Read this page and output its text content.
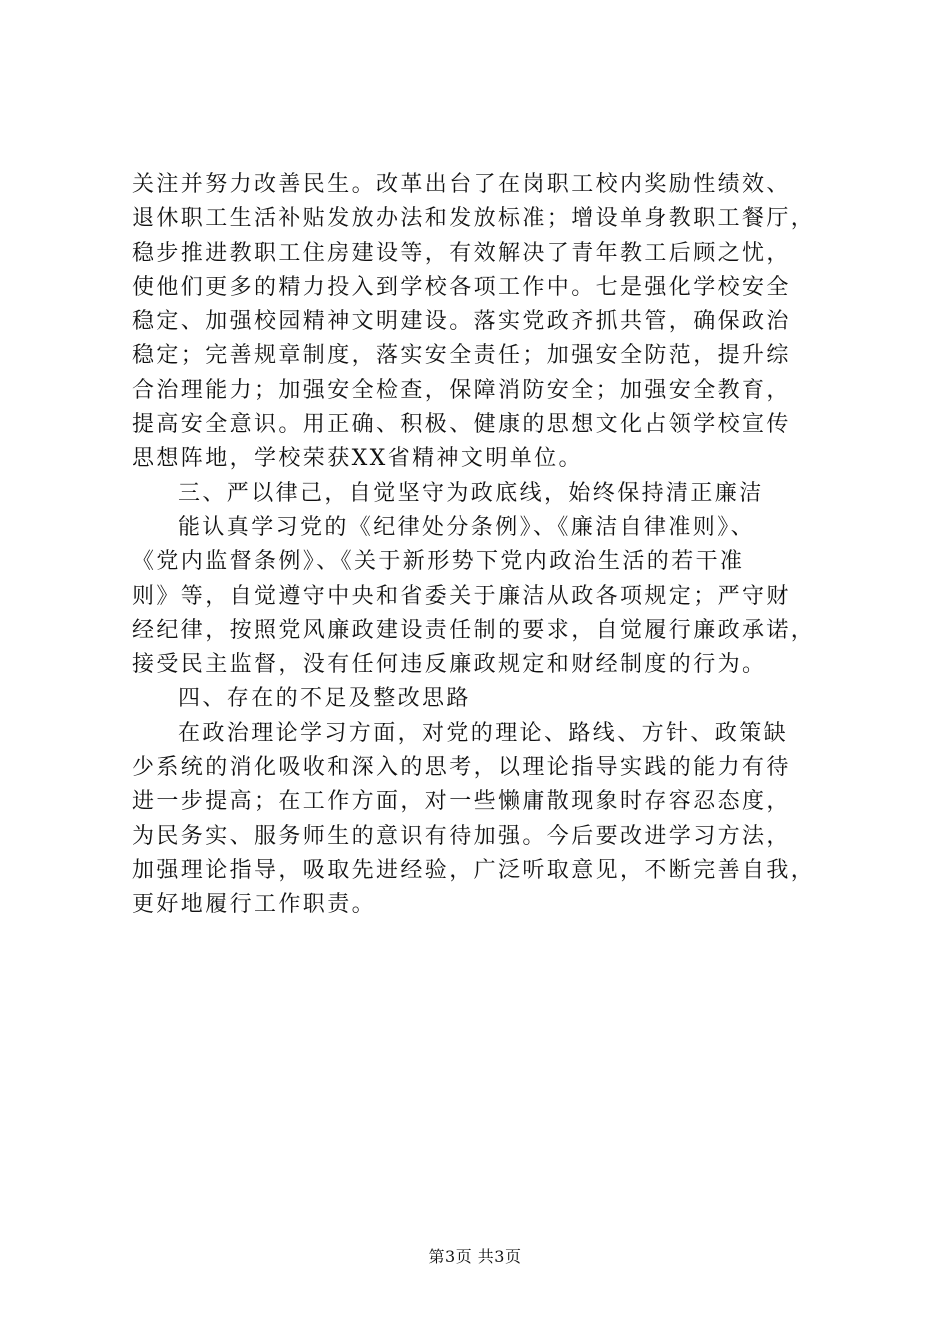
关注并努力改善民生。改革出台了在岗职工校内奖励性绩效、
退休职工生活补贴发放办法和发放标准；增设单身教职工餐厅，
稳步推进教职工住房建设等，有效解决了青年教工后顾之忧，
使他们更多的精力投入到学校各项工作中。七是强化学校安全
稳定、加强校园精神文明建设。落实党政齐抓共管，确保政治
稳定；完善规章制度，落实安全责任；加强安全防范，提升综
合治理能力；加强安全检查，保障消防安全；加强安全教育，
提高安全意识。用正确、积极、健康的思想文化占领学校宣传
思想阵地，学校荣获XX省精神文明单位。
三、严以律己，自觉坚守为政底线，始终保持清正廉洁
能认真学习党的《纪律处分条例》、《廉洁自律准则》、
《党内监督条例》、《关于新形势下党内政治生活的若干准
则》等，自觉遵守中央和省委关于廉洁从政各项规定；严守财
经纪律，按照党风廉政建设责任制的要求，自觉履行廉政承诺，
接受民主监督，没有任何违反廉政规定和财经制度的行为。
四、存在的不足及整改思路
在政治理论学习方面，对党的理论、路线、方针、政策缺
少系统的消化吸收和深入的思考，以理论指导实践的能力有待
进一步提高；在工作方面，对一些懒庸散现象时存容忍态度，
为民务实、服务师生的意识有待加强。今后要改进学习方法，
加强理论指导，吸取先进经验，广泛听取意见，不断完善自我，
更好地履行工作职责。
第3页 共3页
